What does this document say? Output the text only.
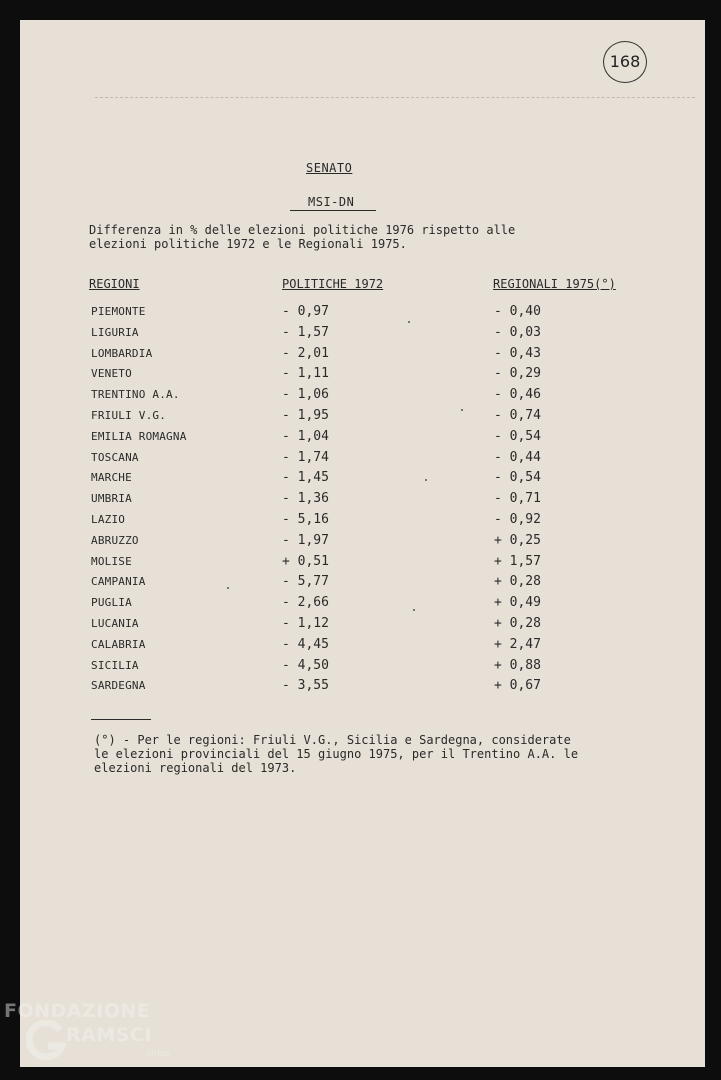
168
SENATO
MSI-DN
Differenza in % delle elezioni politiche 1976 rispetto alle
elezioni politiche 1972 e le Regionali 1975.
REGIONI	POLITICHE 1972	REGIONALI 1975(°)
PIEMONTE	- 0,97	- 0,40
LIGURIA	- 1,57	- 0,03
LOMBARDIA	- 2,01	- 0,43
VENETO	- 1,11	- 0,29
TRENTINO A.A.	- 1,06	- 0,46
FRIULI V.G.	- 1,95	- 0,74
EMILIA ROMAGNA	- 1,04	- 0,54
TOSCANA	- 1,74	- 0,44
MARCHE	- 1,45	- 0,54
UMBRIA	- 1,36	- 0,71
LAZIO	- 5,16	- 0,92
ABRUZZO	- 1,97	+ 0,25
MOLISE	+ 0,51	+ 1,57
CAMPANIA	- 5,77	+ 0,28
PUGLIA	- 2,66	+ 0,49
LUCANIA	- 1,12	+ 0,28
CALABRIA	- 4,45	+ 2,47
SICILIA	- 4,50	+ 0,88
SARDEGNA	- 3,55	+ 0,67
(°) - Per le regioni: Friuli V.G., Sicilia e Sardegna, considerate
le elezioni provinciali del 15 giugno 1975, per il Trentino A.A. le
elezioni regionali del 1973.
FONDAZIONE
RAMSCI
onlus
